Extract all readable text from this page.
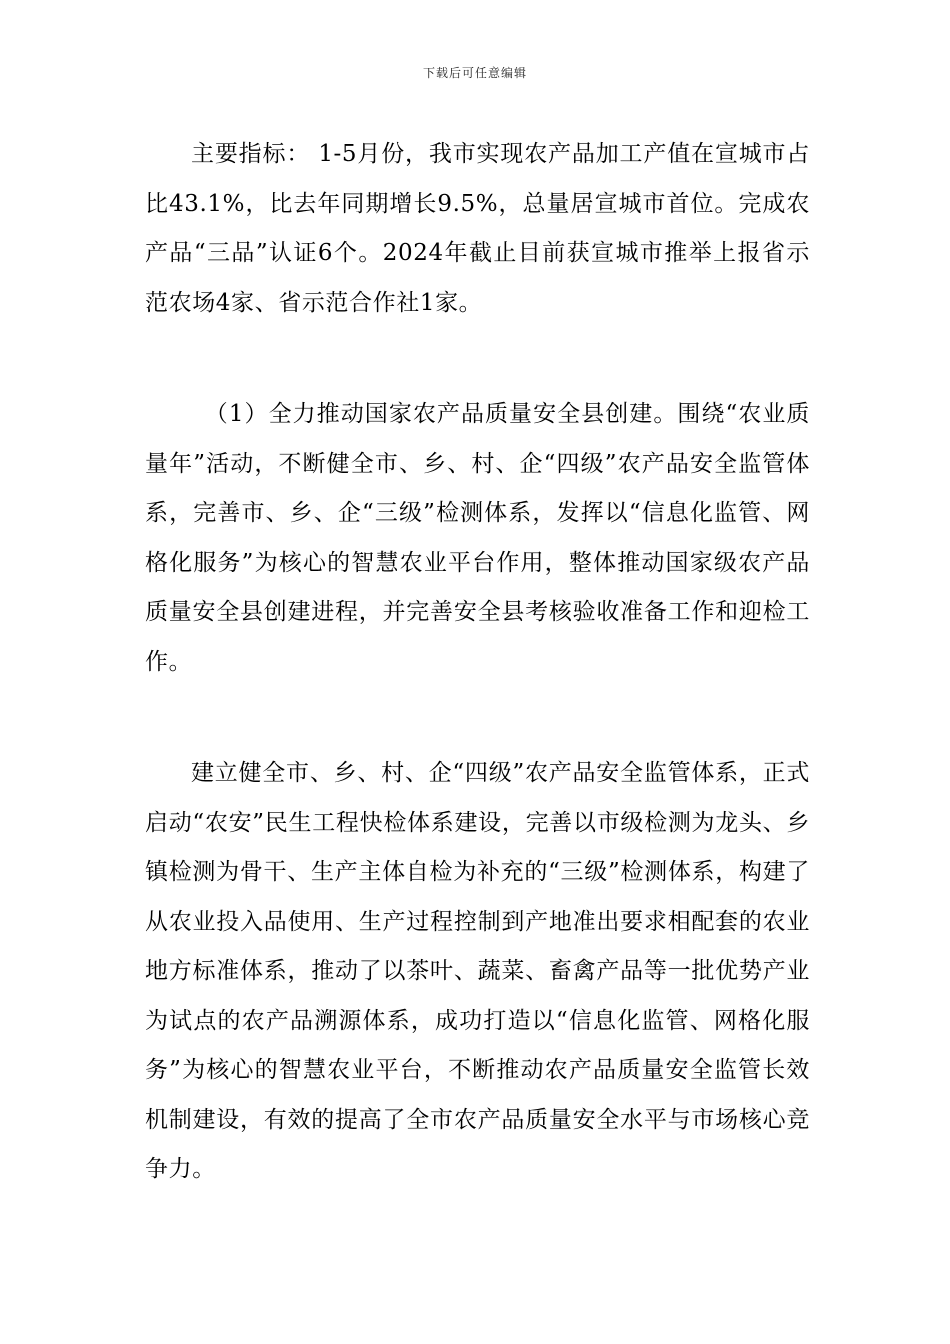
下载后可任意编辑

主要指标： 1-5月份，我市实现农产品加工产值在宣城市占比43.1%，比去年同期增长9.5%，总量居宣城市首位。完成农产品“三品”认证6个。2024年截止目前获宣城市推举上报省示范农场4家、省示范合作社1家。

（1）全力推动国家农产品质量安全县创建。围绕“农业质量年”活动，不断健全市、乡、村、企“四级”农产品安全监管体系，完善市、乡、企“三级”检测体系，发挥以“信息化监管、网格化服务”为核心的智慧农业平台作用，整体推动国家级农产品质量安全县创建进程，并完善安全县考核验收准备工作和迎检工作。

建立健全市、乡、村、企“四级”农产品安全监管体系，正式启动“农安”民生工程快检体系建设，完善以市级检测为龙头、乡镇检测为骨干、生产主体自检为补充的“三级”检测体系，构建了从农业投入品使用、生产过程控制到产地准出要求相配套的农业地方标准体系，推动了以茶叶、蔬菜、畜禽产品等一批优势产业为试点的农产品溯源体系，成功打造以“信息化监管、网格化服务”为核心的智慧农业平台，不断推动农产品质量安全监管长效机制建设，有效的提高了全市农产品质量安全水平与市场核心竞争力。
